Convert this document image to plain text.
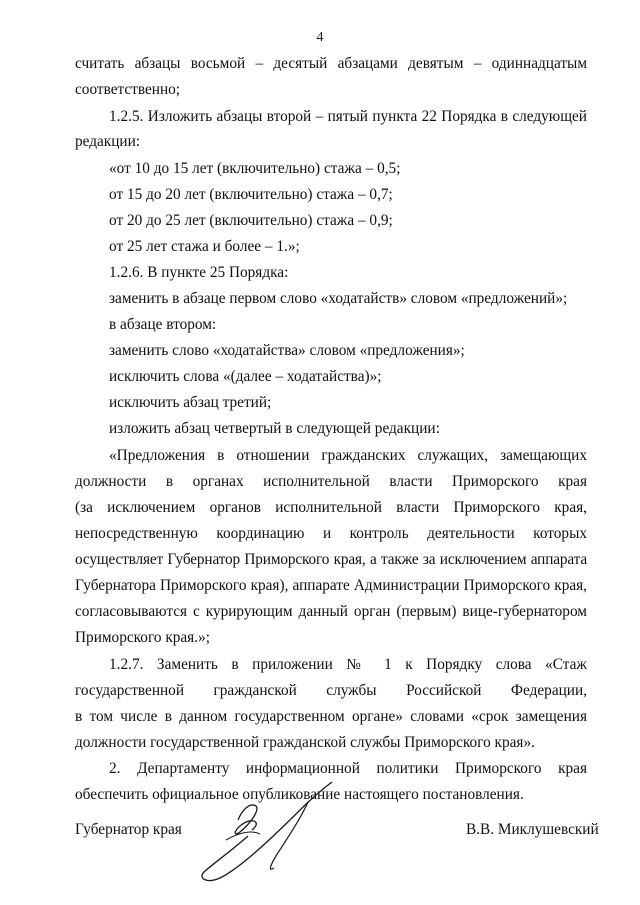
4
считать абзацы восьмой – десятый абзацами девятым – одиннадцатым
соответственно;
1.2.5. Изложить абзацы второй – пятый пункта 22 Порядка в следующей
редакции:
«от 10 до 15 лет (включительно) стажа – 0,5;
от 15 до 20 лет (включительно) стажа – 0,7;
от 20 до 25 лет (включительно) стажа – 0,9;
от 25 лет стажа и более – 1.»;
1.2.6. В пункте 25 Порядка:
заменить в абзаце первом слово «ходатайств» словом «предложений»;
в абзаце втором:
заменить слово «ходатайства» словом «предложения»;
исключить слова «(далее – ходатайства)»;
исключить абзац третий;
изложить абзац четвертый в следующей редакции:
«Предложения в отношении гражданских служащих, замещающих
должности в органах исполнительной власти Приморского края
(за исключением органов исполнительной власти Приморского края,
непосредственную координацию и контроль деятельности которых
осуществляет Губернатор Приморского края, а также за исключением аппарата
Губернатора Приморского края), аппарате Администрации Приморского края,
согласовываются с курирующим данный орган (первым) вице-губернатором
Приморского края.»;
1.2.7. Заменить в приложении № 1 к Порядку слова «Стаж
государственной гражданской службы Российской Федерации,
в том числе в данном государственном органе» словами «срок замещения
должности государственной гражданской службы Приморского края».
2. Департаменту информационной политики Приморского края
обеспечить официальное опубликование настоящего постановления.
Губернатор края	В.В. Миклушевский
